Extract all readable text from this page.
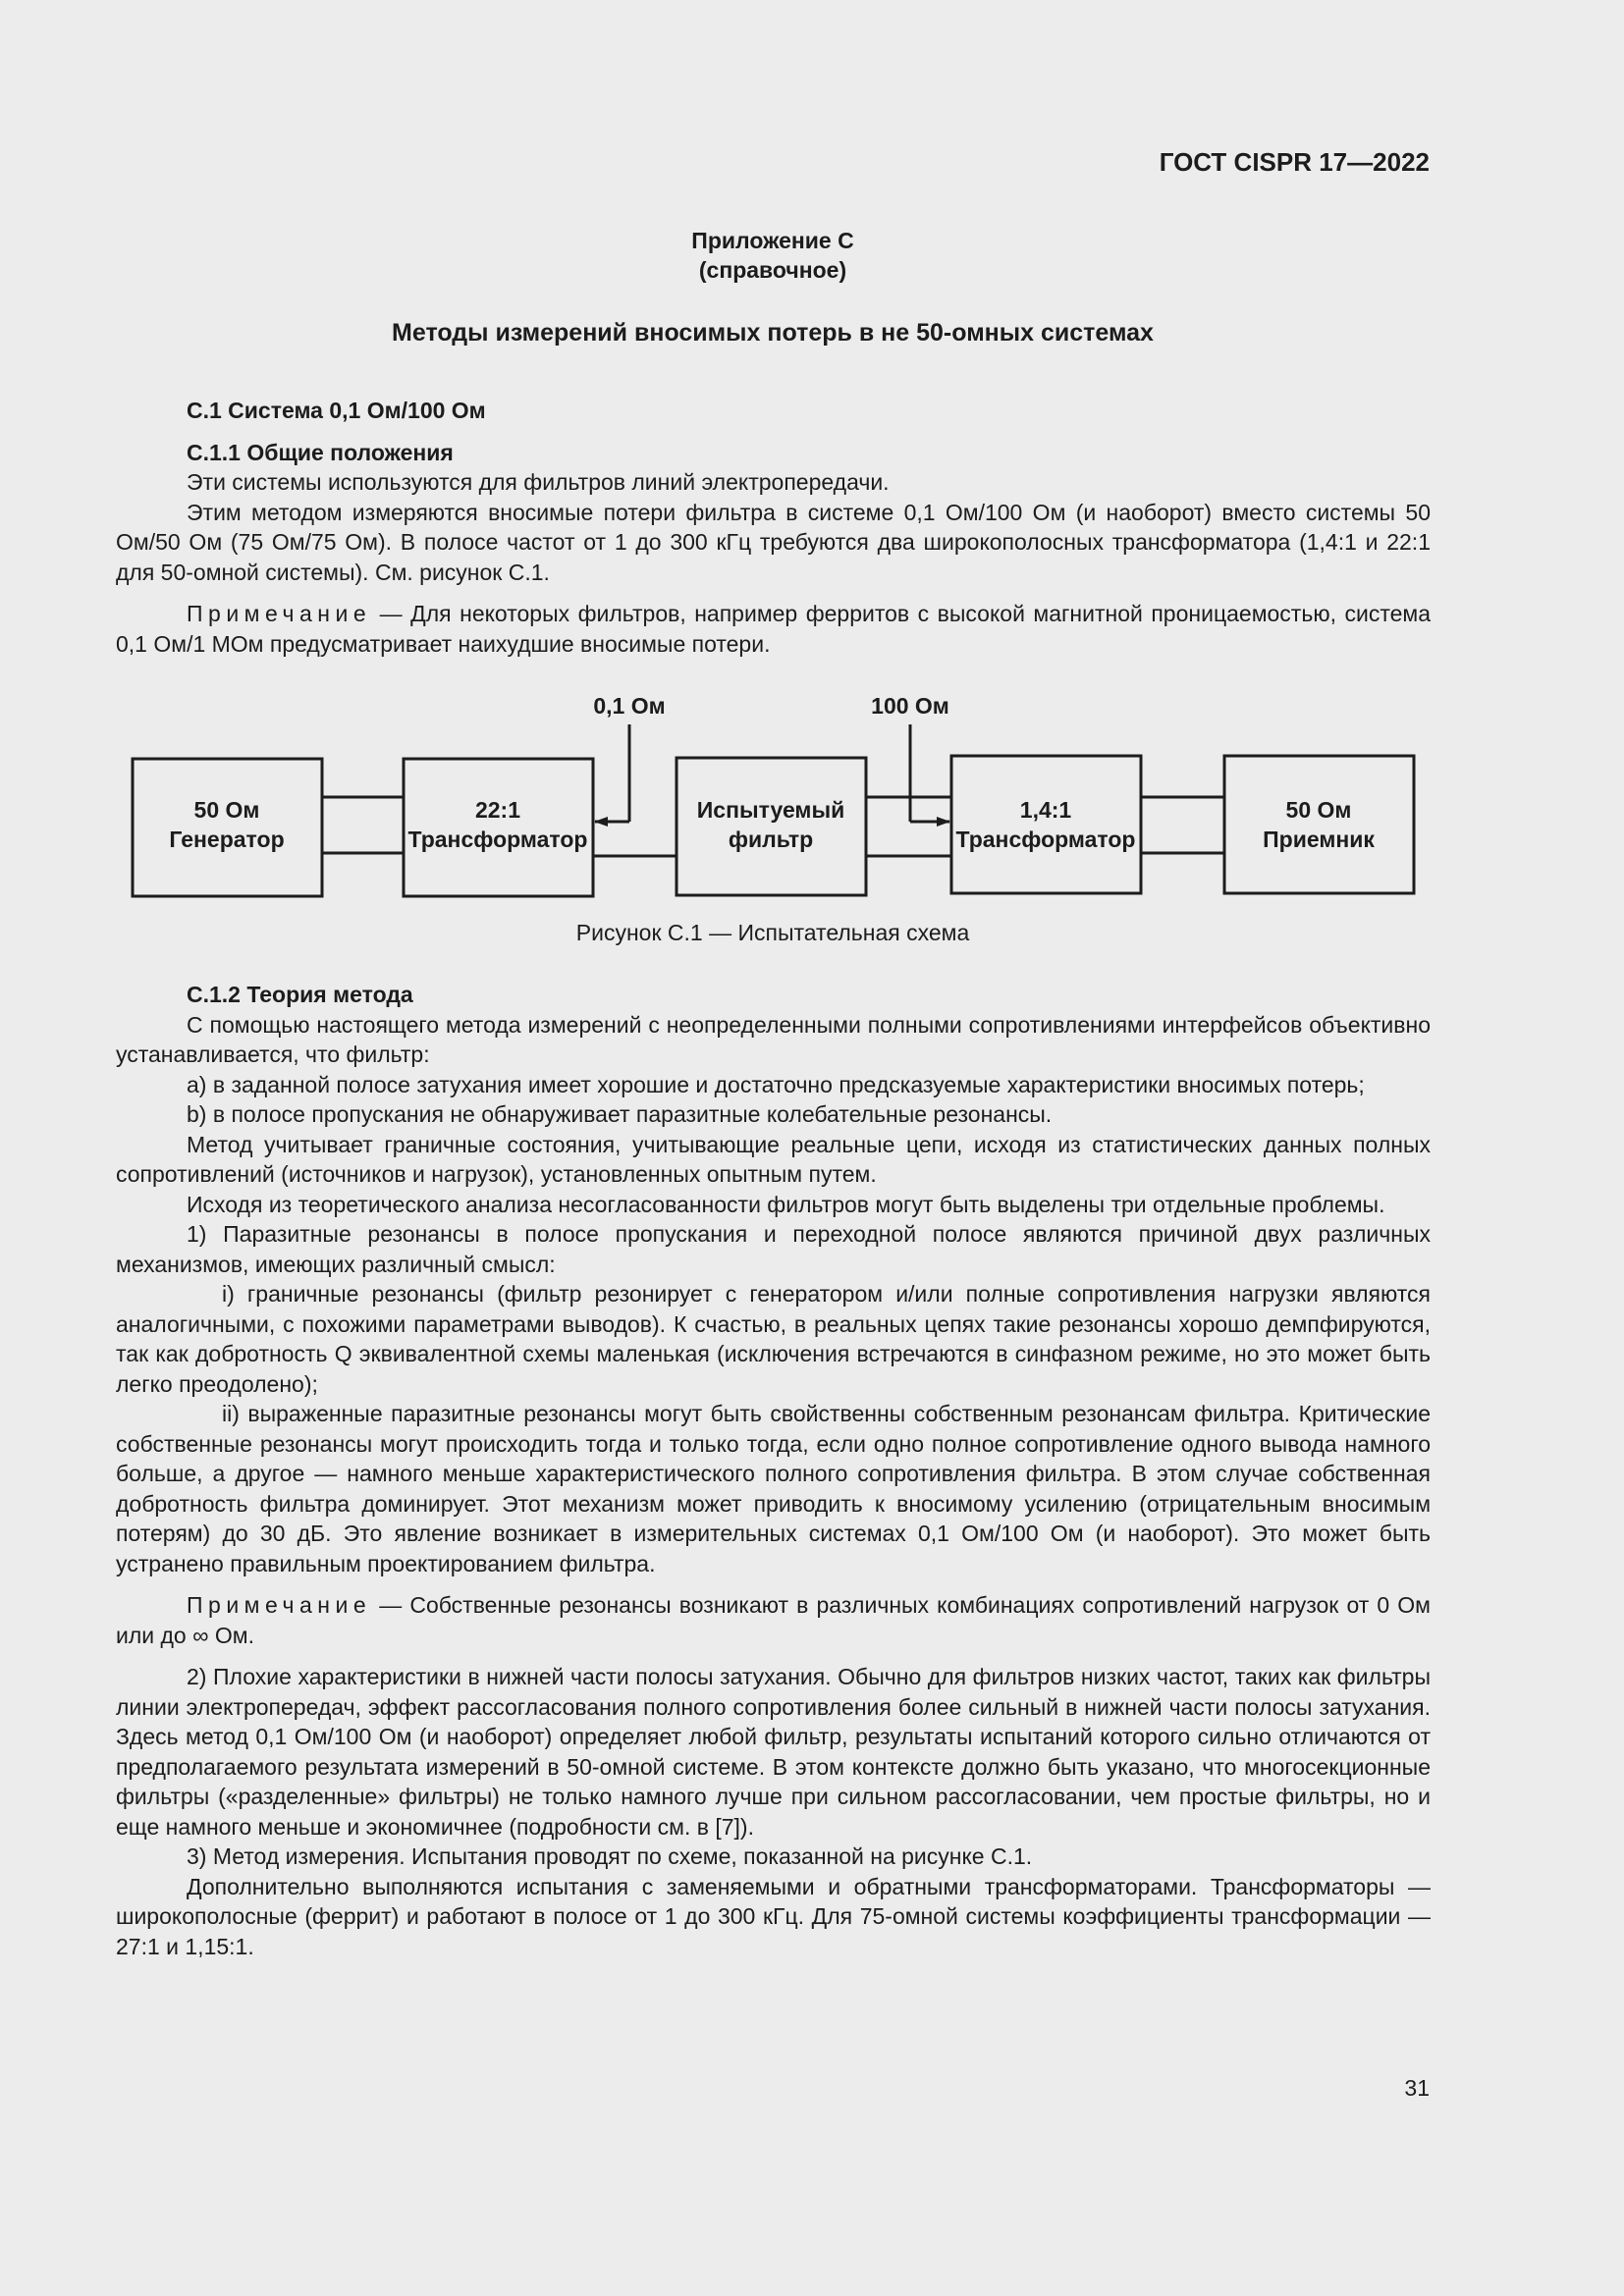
ГОСТ CISPR 17—2022
Приложение С
(справочное)
Методы измерений вносимых потерь в не 50-омных системах

С.1 Система 0,1 Ом/100 Ом

С.1.1 Общие положения

Эти системы используются для фильтров линий электропередачи.

Этим методом измеряются вносимые потери фильтра в системе 0,1 Ом/100 Ом (и наоборот) вместо системы 50 Ом/50 Ом (75 Ом/75 Ом). В полосе частот от 1 до 300 кГц требуются два широкополосных трансформатора (1,4:1 и 22:1 для 50-омной системы). См. рисунок С.1.

Примечание — Для некоторых фильтров, например ферритов с высокой магнитной проницаемостью, система 0,1 Ом/1 МОм предусматривает наихудшие вносимые потери.

0,1 Ом	100 Ом
50 Ом
Генератор
22:1
Трансформатор
Испытуемый
фильтр
1,4:1
Трансформатор
50 Ом
Приемник
Рисунок С.1 — Испытательная схема

С.1.2 Теория метода

С помощью настоящего метода измерений с неопределенными полными сопротивлениями интерфейсов объективно устанавливается, что фильтр:

a) в заданной полосе затухания имеет хорошие и достаточно предсказуемые характеристики вносимых потерь;

b) в полосе пропускания не обнаруживает паразитные колебательные резонансы.

Метод учитывает граничные состояния, учитывающие реальные цепи, исходя из статистических данных полных сопротивлений (источников и нагрузок), установленных опытным путем.

Исходя из теоретического анализа несогласованности фильтров могут быть выделены три отдельные проблемы.

1) Паразитные резонансы в полосе пропускания и переходной полосе являются причиной двух различных механизмов, имеющих различный смысл:

i) граничные резонансы (фильтр резонирует с генератором и/или полные сопротивления нагрузки являются аналогичными, с похожими параметрами выводов). К счастью, в реальных цепях такие резонансы хорошо демпфируются, так как добротность Q эквивалентной схемы маленькая (исключения встречаются в синфазном режиме, но это может быть легко преодолено);

ii) выраженные паразитные резонансы могут быть свойственны собственным резонансам фильтра. Критические собственные резонансы могут происходить тогда и только тогда, если одно полное сопротивление одного вывода намного больше, а другое — намного меньше характеристического полного сопротивления фильтра. В этом случае собственная добротность фильтра доминирует. Этот механизм может приводить к вносимому усилению (отрицательным вносимым потерям) до 30 дБ. Это явление возникает в измерительных системах 0,1 Ом/100 Ом (и наоборот). Это может быть устранено правильным проектированием фильтра.

Примечание — Собственные резонансы возникают в различных комбинациях сопротивлений нагрузок от 0 Ом или до ∞ Ом.

2) Плохие характеристики в нижней части полосы затухания. Обычно для фильтров низких частот, таких как фильтры линии электропередач, эффект рассогласования полного сопротивления более сильный в нижней части полосы затухания. Здесь метод 0,1 Ом/100 Ом (и наоборот) определяет любой фильтр, результаты испытаний которого сильно отличаются от предполагаемого результата измерений в 50-омной системе. В этом контексте должно быть указано, что многосекционные фильтры («разделенные» фильтры) не только намного лучше при сильном рассогласовании, чем простые фильтры, но и еще намного меньше и экономичнее (подробности см. в [7]).

3) Метод измерения. Испытания проводят по схеме, показанной на рисунке С.1.

Дополнительно выполняются испытания с заменяемыми и обратными трансформаторами. Трансформаторы — широкополосные (феррит) и работают в полосе от 1 до 300 кГц. Для 75-омной системы коэффициенты трансформации — 27:1 и 1,15:1.

31
